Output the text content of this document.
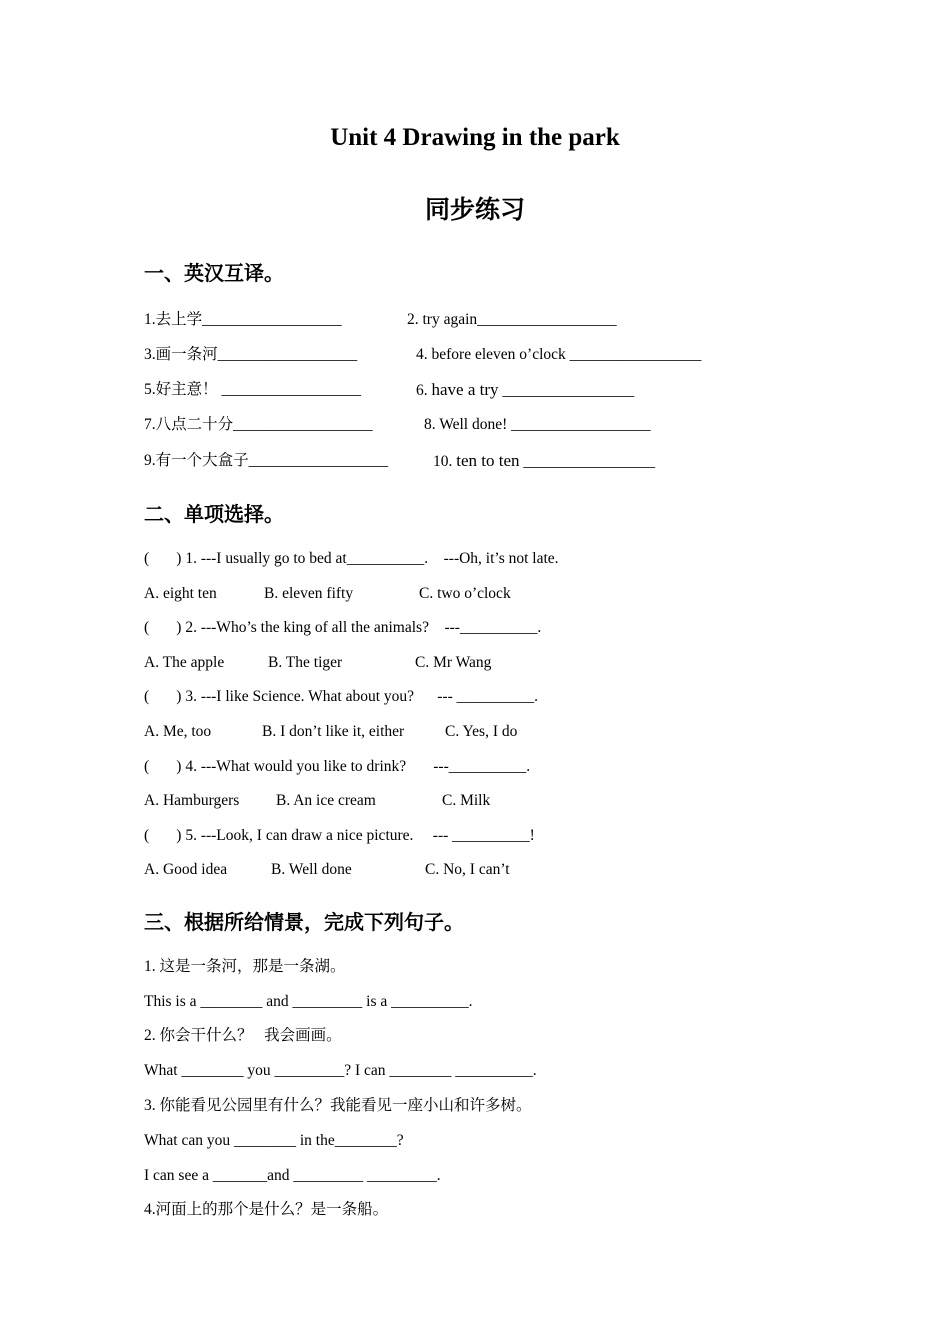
Unit 4 Drawing in the park
同步练习
一、英汉互译。
1.去上学__________________	2. try again__________________
3.画一条河__________________	4. before eleven o’clock _________________
5.好主意！ __________________	6. have a try _________________
7.八点二十分__________________	8. Well done! __________________
9.有一个大盒子__________________	10. ten to ten _________________
二、单项选择。
(       ) 1. ---I usually go to bed at__________.    ---Oh, it’s not late.
A. eight ten	B. eleven fifty	C. two o’clock
(       ) 2. ---Who’s the king of all the animals?    ---__________.
A. The apple	B. The tiger	C. Mr Wang
(       ) 3. ---I like Science. What about you?      --- __________.
A. Me, too	B. I don’t like it, either	C. Yes, I do
(       ) 4. ---What would you like to drink?       ---__________.
A. Hamburgers B. An ice cream	C. Milk
(       ) 5. ---Look, I can draw a nice picture.     --- __________!
A. Good idea	B. Well done	C. No, I can’t
三、根据所给情景，完成下列句子。
1. 这是一条河，那是一条湖。
This is a ________ and _________ is a __________.
2. 你会干什么？   我会画画。
What ________ you _________? I can ________ __________.
3. 你能看见公园里有什么？我能看见一座小山和许多树。
What can you ________ in the________?
I can see a _______and _________ _________.
4.河面上的那个是什么？是一条船。
